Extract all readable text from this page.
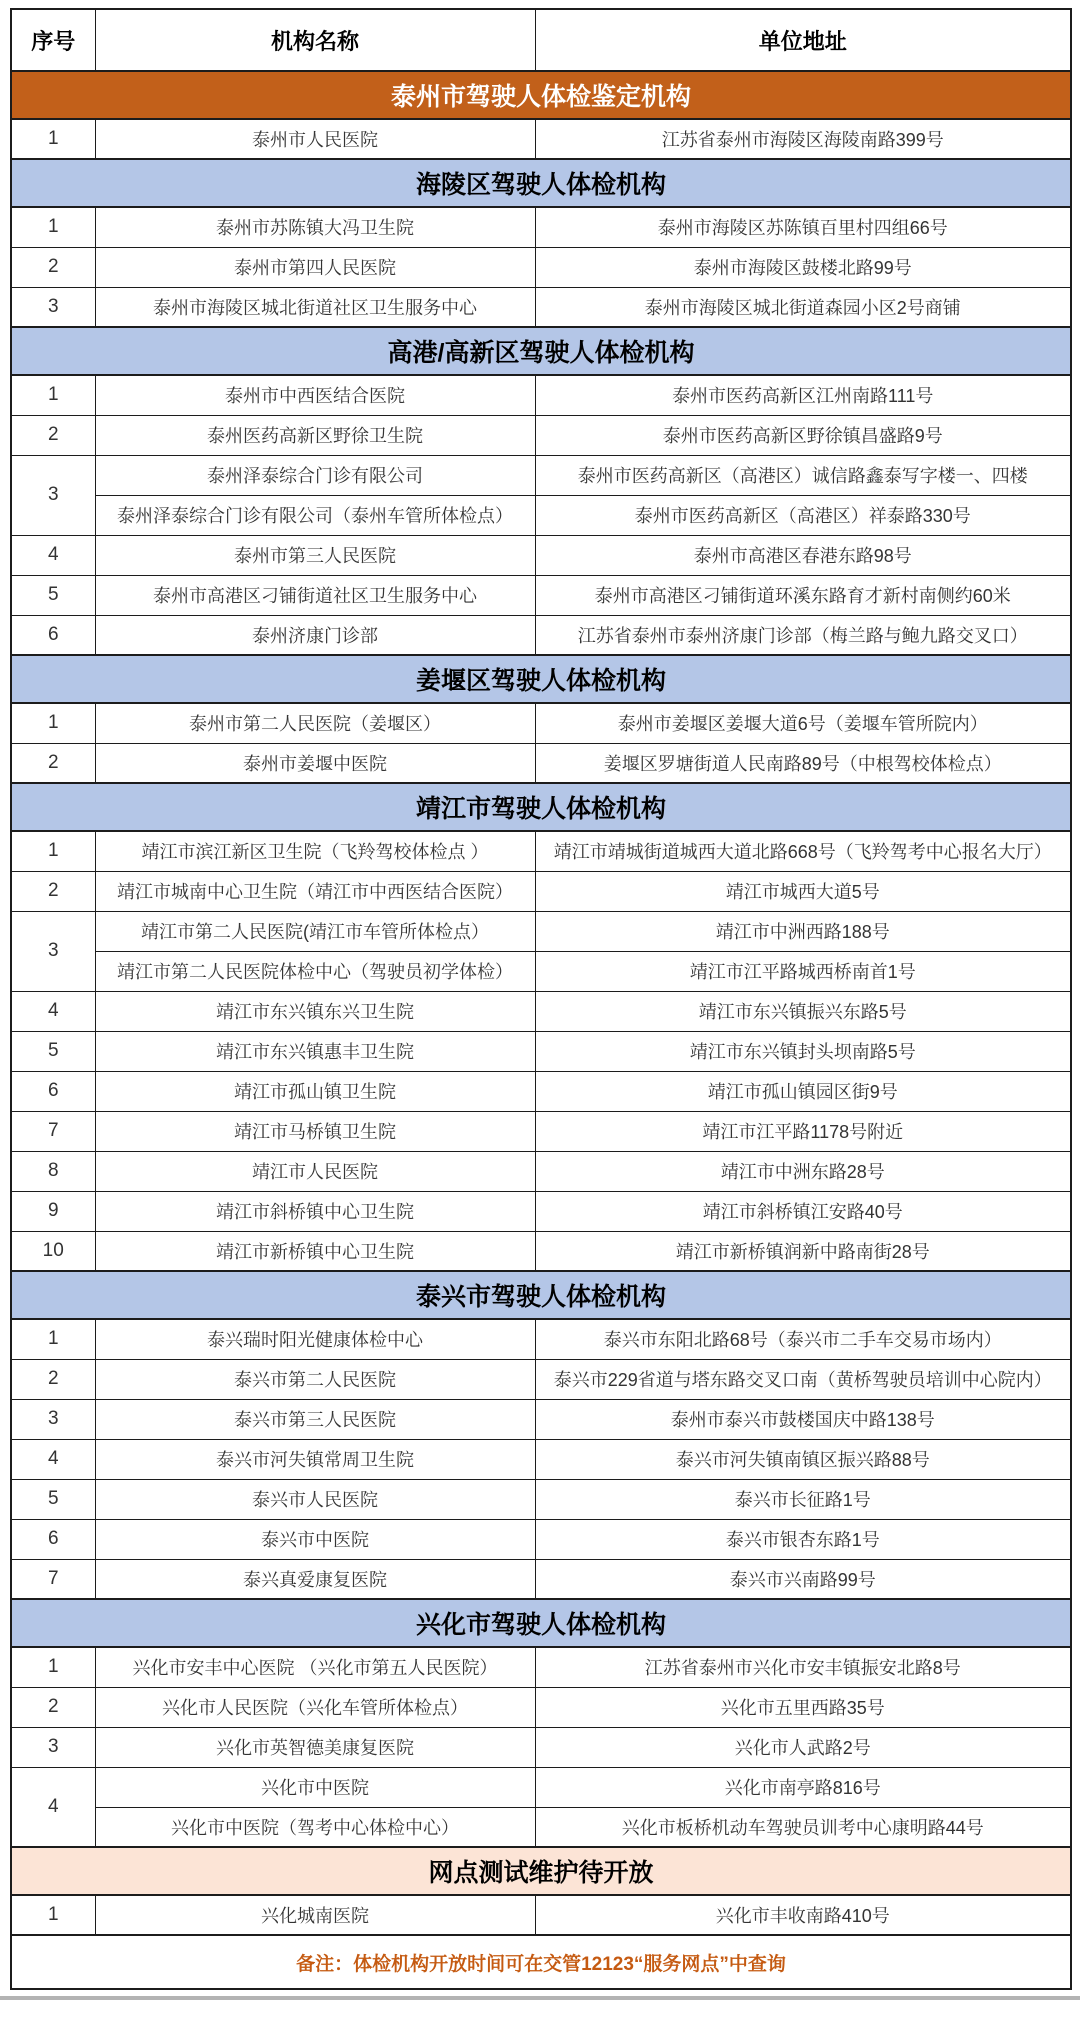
序号	机构名称	单位地址
泰州市驾驶人体检鉴定机构		
1	泰州市人民医院	江苏省泰州市海陵区海陵南路399号
海陵区驾驶人体检机构		
1	泰州市苏陈镇大冯卫生院	泰州市海陵区苏陈镇百里村四组66号
2	泰州市第四人民医院	泰州市海陵区鼓楼北路99号
3	泰州市海陵区城北街道社区卫生服务中心	泰州市海陵区城北街道森园小区2号商铺
高港/高新区驾驶人体检机构		
1	泰州市中西医结合医院	泰州市医药高新区江州南路111号
2	泰州医药高新区野徐卫生院	泰州市医药高新区野徐镇昌盛路9号
3	泰州泽泰综合门诊有限公司	泰州市医药高新区（高港区）诚信路鑫泰写字楼一、四楼
	泰州泽泰综合门诊有限公司（泰州车管所体检点）	泰州市医药高新区（高港区）祥泰路330号
4	泰州市第三人民医院	泰州市高港区春港东路98号
5	泰州市高港区刁铺街道社区卫生服务中心	泰州市高港区刁铺街道环溪东路育才新村南侧约60米
6	泰州济康门诊部	江苏省泰州市泰州济康门诊部（梅兰路与鲍九路交叉口）
姜堰区驾驶人体检机构		
1	泰州市第二人民医院（姜堰区）	泰州市姜堰区姜堰大道6号（姜堰车管所院内）
2	泰州市姜堰中医院	姜堰区罗塘街道人民南路89号（中根驾校体检点）
靖江市驾驶人体检机构		
1	靖江市滨江新区卫生院（飞羚驾校体检点 ）	靖江市靖城街道城西大道北路668号（飞羚驾考中心报名大厅）
2	靖江市城南中心卫生院（靖江市中西医结合医院）	靖江市城西大道5号
3	靖江市第二人民医院(靖江市车管所体检点）	靖江市中洲西路188号
	靖江市第二人民医院体检中心（驾驶员初学体检）	靖江市江平路城西桥南首1号
4	靖江市东兴镇东兴卫生院	靖江市东兴镇振兴东路5号
5	靖江市东兴镇惠丰卫生院	靖江市东兴镇封头坝南路5号
6	靖江市孤山镇卫生院	靖江市孤山镇园区街9号
7	靖江市马桥镇卫生院	靖江市江平路1178号附近
8	靖江市人民医院	靖江市中洲东路28号
9	靖江市斜桥镇中心卫生院	靖江市斜桥镇江安路40号
10	靖江市新桥镇中心卫生院	靖江市新桥镇润新中路南街28号
泰兴市驾驶人体检机构		
1	泰兴瑞时阳光健康体检中心	泰兴市东阳北路68号（泰兴市二手车交易市场内）
2	泰兴市第二人民医院	泰兴市229省道与塔东路交叉口南（黄桥驾驶员培训中心院内）
3	泰兴市第三人民医院	泰州市泰兴市鼓楼国庆中路138号
4	泰兴市河失镇常周卫生院	泰兴市河失镇南镇区振兴路88号
5	泰兴市人民医院	泰兴市长征路1号
6	泰兴市中医院	泰兴市银杏东路1号
7	泰兴真爱康复医院	泰兴市兴南路99号
兴化市驾驶人体检机构		
1	兴化市安丰中心医院 （兴化市第五人民医院）	江苏省泰州市兴化市安丰镇振安北路8号
2	兴化市人民医院（兴化车管所体检点）	兴化市五里西路35号
3	兴化市英智德美康复医院	兴化市人武路2号
4	兴化市中医院	兴化市南亭路816号
	兴化市中医院（驾考中心体检中心）	兴化市板桥机动车驾驶员训考中心康明路44号
网点测试维护待开放		
1	兴化城南医院	兴化市丰收南路410号
备注：体检机构开放时间可在交管12123“服务网点”中查询		
